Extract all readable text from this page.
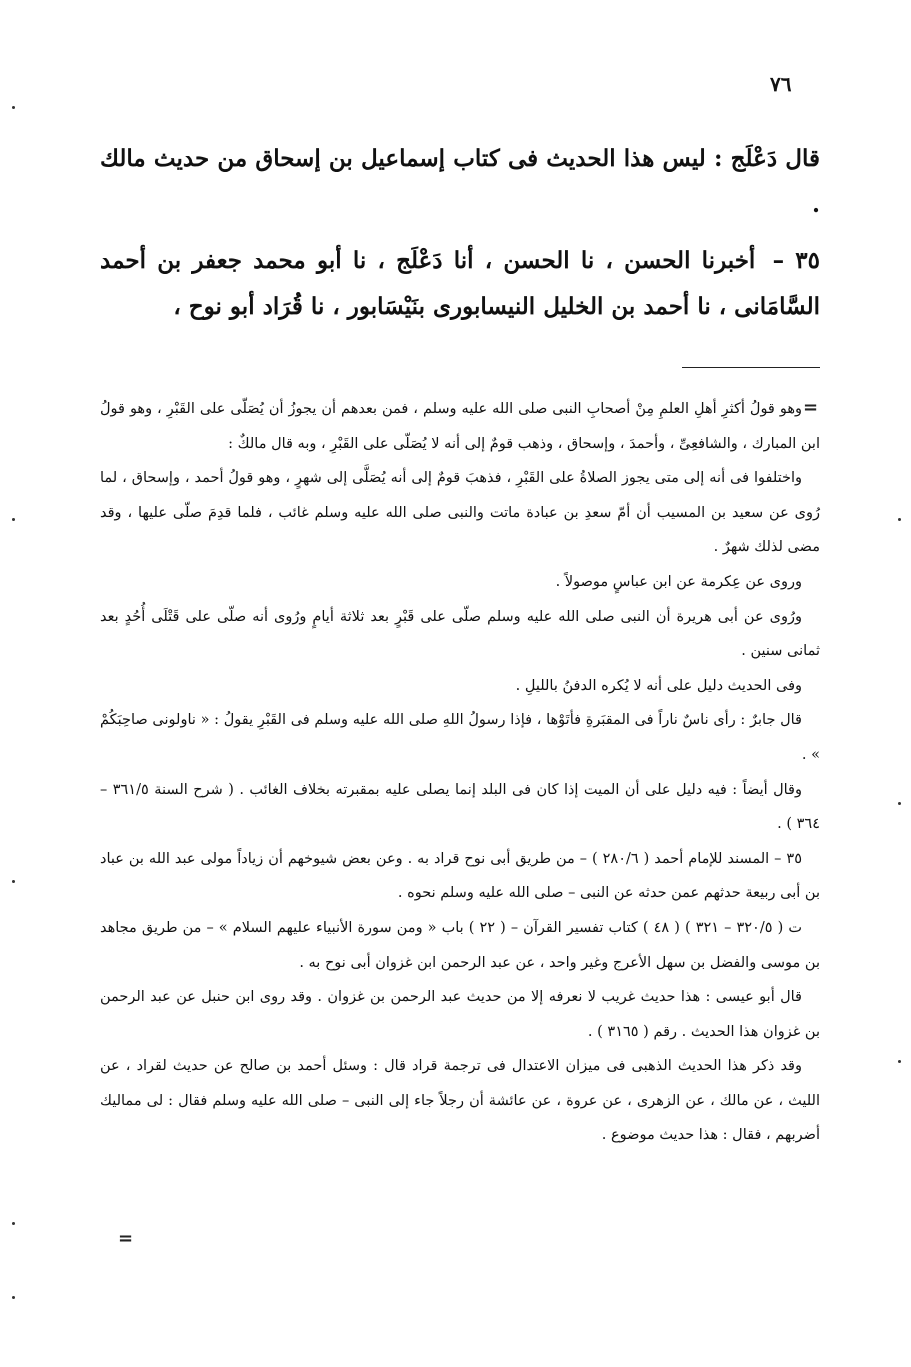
٧٦

قال دَعْلَج : ليس هذا الحديث فى كتاب إسماعيل بن إسحاق من حديث مالك .

٣٥ – أخبرنا الحسن ، نا الحسن ، أنا دَعْلَج ، نا أبو محمد جعفر بن أحمد السَّامَانى ، نا أحمد بن الخليل النيسابورى بنَيْسَابور ، نا قُرَاد أبو نوح ،

=

وهو قولُ أكثرِ أهلِ العلمِ مِنْ أصحابِ النبى صلى الله عليه وسلم ، فمن بعدهم أن يجوزُ أن يُصَلّى على القَبْرِ ، وهو قولُ ابن المبارك ، والشافعِىِّ ، وأحمدَ ، وإسحاق ، وذهب قومٌ إلى أنه لا يُصَلّى على القَبْرِ ، وبه قال مالكٌ :

واختلفوا فى أنه إلى متى يجوز الصلاةُ على القَبْرِ ، فذهبَ قومٌ إلى أنه يُصَلَّى إلى شهرٍ ، وهو قولُ أحمد ، وإسحاق ، لما رُوى عن سعيد بن المسيب أن أمّ سعدِ بن عبادة ماتت والنبى صلى الله عليه وسلم غائب ، فلما قدِمَ صلّى عليها ، وقد مضى لذلك شهرٌ .

وروى عن عِكرمة عن ابن عباسٍ موصولاً .

ورُوى عن أبى هريرة أن النبى صلى الله عليه وسلم صلّى على قَبْرٍ بعد ثلاثة أيامٍ ورُوى أنه صلّى على قَتْلَى أُحُدٍ بعد ثمانى سنين .

وفى الحديث دليل على أنه لا يُكره الدفنُ بالليلِ .

قال جابرٌ : رأى ناسٌ ناراً فى المقبَرةِ فأتَوْها ، فإذا رسولُ اللهِ صلى الله عليه وسلم فى القَبْرِ يقولُ : « ناولونى صاحِبَكُمْ » .

وقال أيضاً : فيه دليل على أن الميت إذا كان فى البلد إنما يصلى عليه بمقبرته بخلاف الغائب . ( شرح السنة ٣٦١/٥ – ٣٦٤ ) .

٣٥ – المسند للإمام أحمد ( ٢٨٠/٦ ) – من طريق أبى نوح قراد به . وعن بعض شيوخهم أن زياداً مولى عبد الله بن عباد بن أبى ربيعة حدثهم عمن حدثه عن النبى – صلى الله عليه وسلم نحوه .

ت ( ٣٢٠/٥ – ٣٢١ ) ( ٤٨ ) كتاب تفسير القرآن – ( ٢٢ ) باب « ومن سورة الأنبياء عليهم السلام » – من طريق مجاهد بن موسى والفضل بن سهل الأعرج وغير واحد ، عن عبد الرحمن ابن غزوان أبى نوح به .

قال أبو عيسى : هذا حديث غريب لا نعرفه إلا من حديث عبد الرحمن بن غزوان . وقد روى ابن حنبل عن عبد الرحمن بن غزوان هذا الحديث . رقم ( ٣١٦٥ ) .

وقد ذكر هذا الحديث الذهبى فى ميزان الاعتدال فى ترجمة قراد قال : وسئل أحمد بن صالح عن حديث لقراد ، عن الليث ، عن مالك ، عن الزهرى ، عن عروة ، عن عائشة أن رجلاً جاء إلى النبى – صلى الله عليه وسلم فقال : لى مماليك أضربهم ، فقال : هذا حديث موضوع .

=
